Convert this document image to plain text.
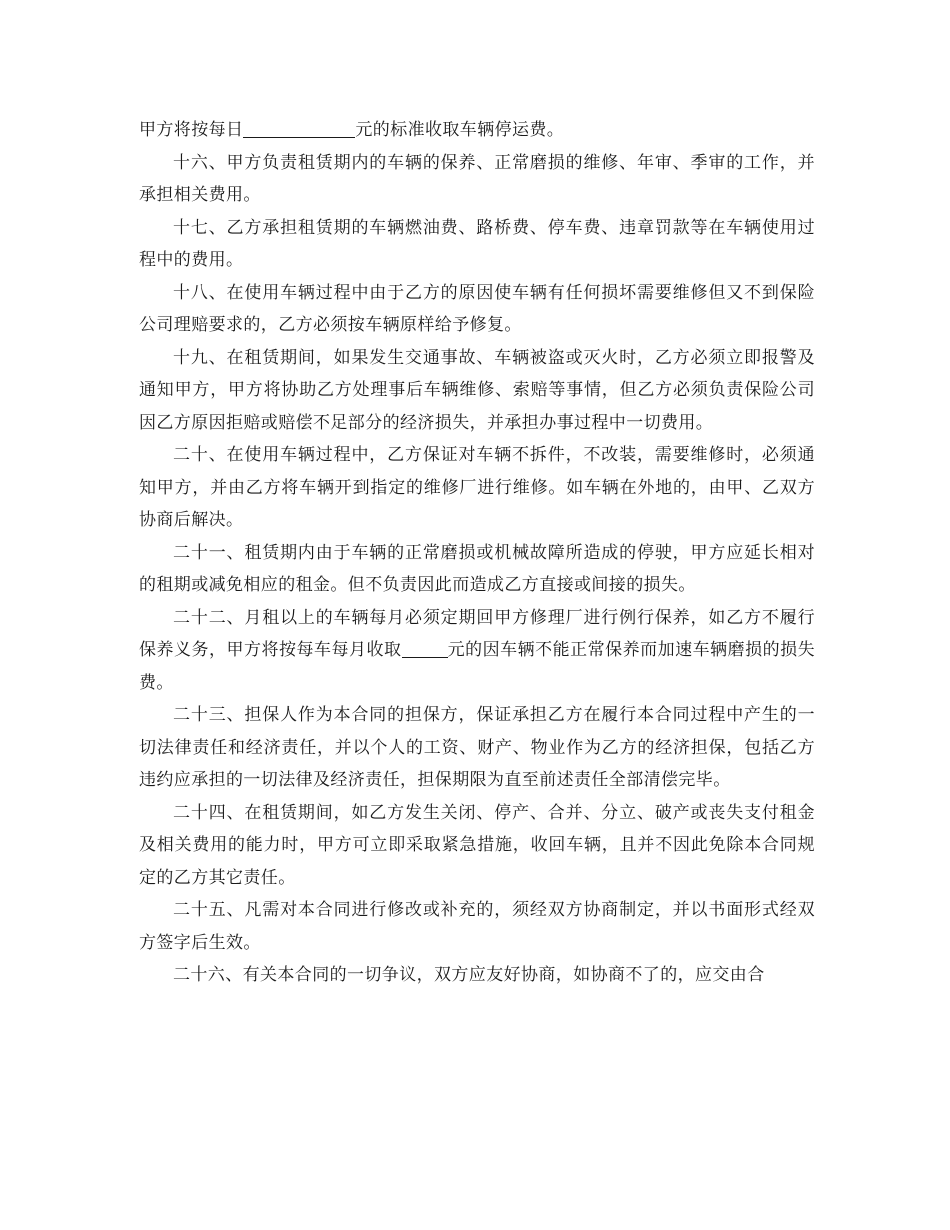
甲方将按每日	元的标准收取车辆停运费。

十六、甲方负责租赁期内的车辆的保养、正常磨损的维修、年审、季审的工作，并承担相关费用。

十七、乙方承担租赁期的车辆燃油费、路桥费、停车费、违章罚款等在车辆使用过程中的费用。

十八、在使用车辆过程中由于乙方的原因使车辆有任何损坏需要维修但又不到保险公司理赔要求的，乙方必须按车辆原样给予修复。

十九、在租赁期间，如果发生交通事故、车辆被盗或灭火时，乙方必须立即报警及通知甲方，甲方将协助乙方处理事后车辆维修、索赔等事情，但乙方必须负责保险公司因乙方原因拒赔或赔偿不足部分的经济损失，并承担办事过程中一切费用。

二十、在使用车辆过程中，乙方保证对车辆不拆件，不改装，需要维修时，必须通知甲方，并由乙方将车辆开到指定的维修厂进行维修。如车辆在外地的，由甲、乙双方协商后解决。

二十一、租赁期内由于车辆的正常磨损或机械故障所造成的停驶，甲方应延长相对的租期或减免相应的租金。但不负责因此而造成乙方直接或间接的损失。

二十二、月租以上的车辆每月必须定期回甲方修理厂进行例行保养，如乙方不履行保养义务，甲方将按每车每月收取	元的因车辆不能正常保养而加速车辆磨损的损失费。

二十三、担保人作为本合同的担保方，保证承担乙方在履行本合同过程中产生的一切法律责任和经济责任，并以个人的工资、财产、物业作为乙方的经济担保，包括乙方违约应承担的一切法律及经济责任，担保期限为直至前述责任全部清偿完毕。

二十四、在租赁期间，如乙方发生关闭、停产、合并、分立、破产或丧失支付租金及相关费用的能力时，甲方可立即采取紧急措施，收回车辆，且并不因此免除本合同规定的乙方其它责任。

二十五、凡需对本合同进行修改或补充的，须经双方协商制定，并以书面形式经双方签字后生效。

二十六、有关本合同的一切争议，双方应友好协商，如协商不了的，应交由合
